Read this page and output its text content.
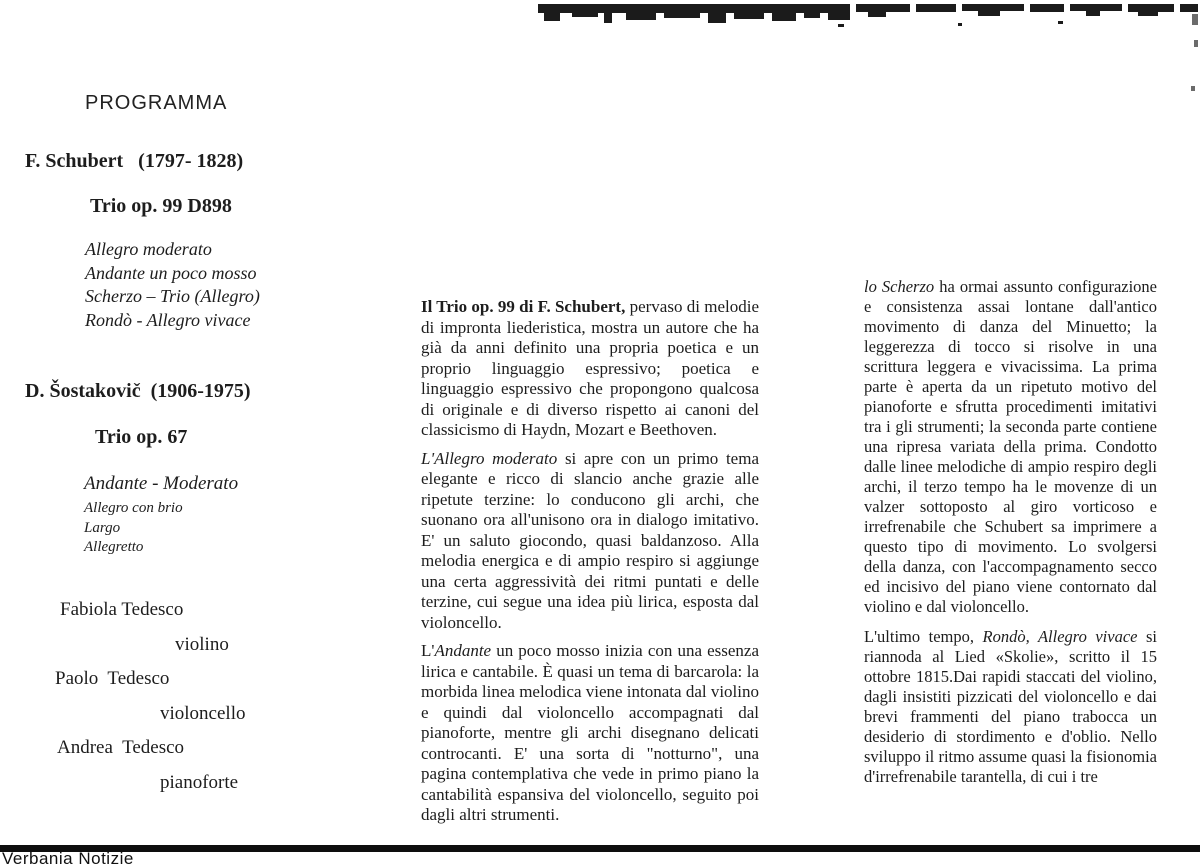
PROGRAMMA
F. Schubert   (1797- 1828)
Trio op. 99 D898
Allegro moderato
Andante un poco mosso
Scherzo – Trio (Allegro)
Rondò - Allegro vivace
D. Šostakovič  (1906-1975)
Trio op. 67
Andante - Moderato
Allegro con brio
Largo
Allegretto
Fabiola Tedesco
violino
Paolo  Tedesco
violoncello
Andrea  Tedesco
pianoforte

Il Trio op. 99 di F. Schubert, pervaso di melodie di impronta liederistica, mostra un autore che ha già da anni definito una propria poetica e un proprio linguaggio espressivo; poetica e linguaggio espressivo che propongono qualcosa di originale e di diverso rispetto ai canoni del classicismo di Haydn, Mozart e Beethoven.

L'Allegro moderato si apre con un primo tema elegante e ricco di slancio anche grazie alle ripetute terzine: lo conducono gli archi, che suonano ora all'unisono ora in dialogo imitativo. E' un saluto giocondo, quasi baldanzoso. Alla melodia energica e di ampio respiro si aggiunge una certa aggressività dei ritmi puntati e delle terzine, cui segue una idea più lirica, esposta dal violoncello.

L'Andante un poco mosso inizia con una essenza lirica e cantabile. È quasi un tema di barcarola: la morbida linea melodica viene intonata dal violino e quindi dal violoncello accompagnati dal pianoforte, mentre gli archi disegnano delicati controcanti. E' una sorta di "notturno", una pagina contemplativa che vede in primo piano la cantabilità espansiva del violoncello, seguito poi dagli altri strumenti.

lo Scherzo ha ormai assunto configurazione e consistenza assai lontane dall'antico movimento di danza del Minuetto; la leggerezza di tocco si risolve in una scrittura leggera e vivacissima. La prima parte è aperta da un ripetuto motivo del pianoforte e sfrutta procedimenti imitativi tra i gli strumenti; la seconda parte contiene una ripresa variata della prima. Condotto dalle linee melodiche di ampio respiro degli archi, il terzo tempo ha le movenze di un valzer sottoposto al giro vorticoso e irrefrenabile che Schubert sa imprimere a questo tipo di movimento. Lo svolgersi della danza, con l'accompagnamento secco ed incisivo del piano viene contornato dal violino e dal violoncello.

L'ultimo tempo, Rondò, Allegro vivace si riannoda al Lied «Skolie», scritto il 15 ottobre 1815.Dai rapidi staccati del violino, dagli insistiti pizzicati del violoncello e dai brevi frammenti del piano trabocca un desiderio di stordimento e d'oblio. Nello sviluppo il ritmo assume quasi la fisionomia d'irrefrenabile tarantella, di cui i tre

Verbania Notizie
